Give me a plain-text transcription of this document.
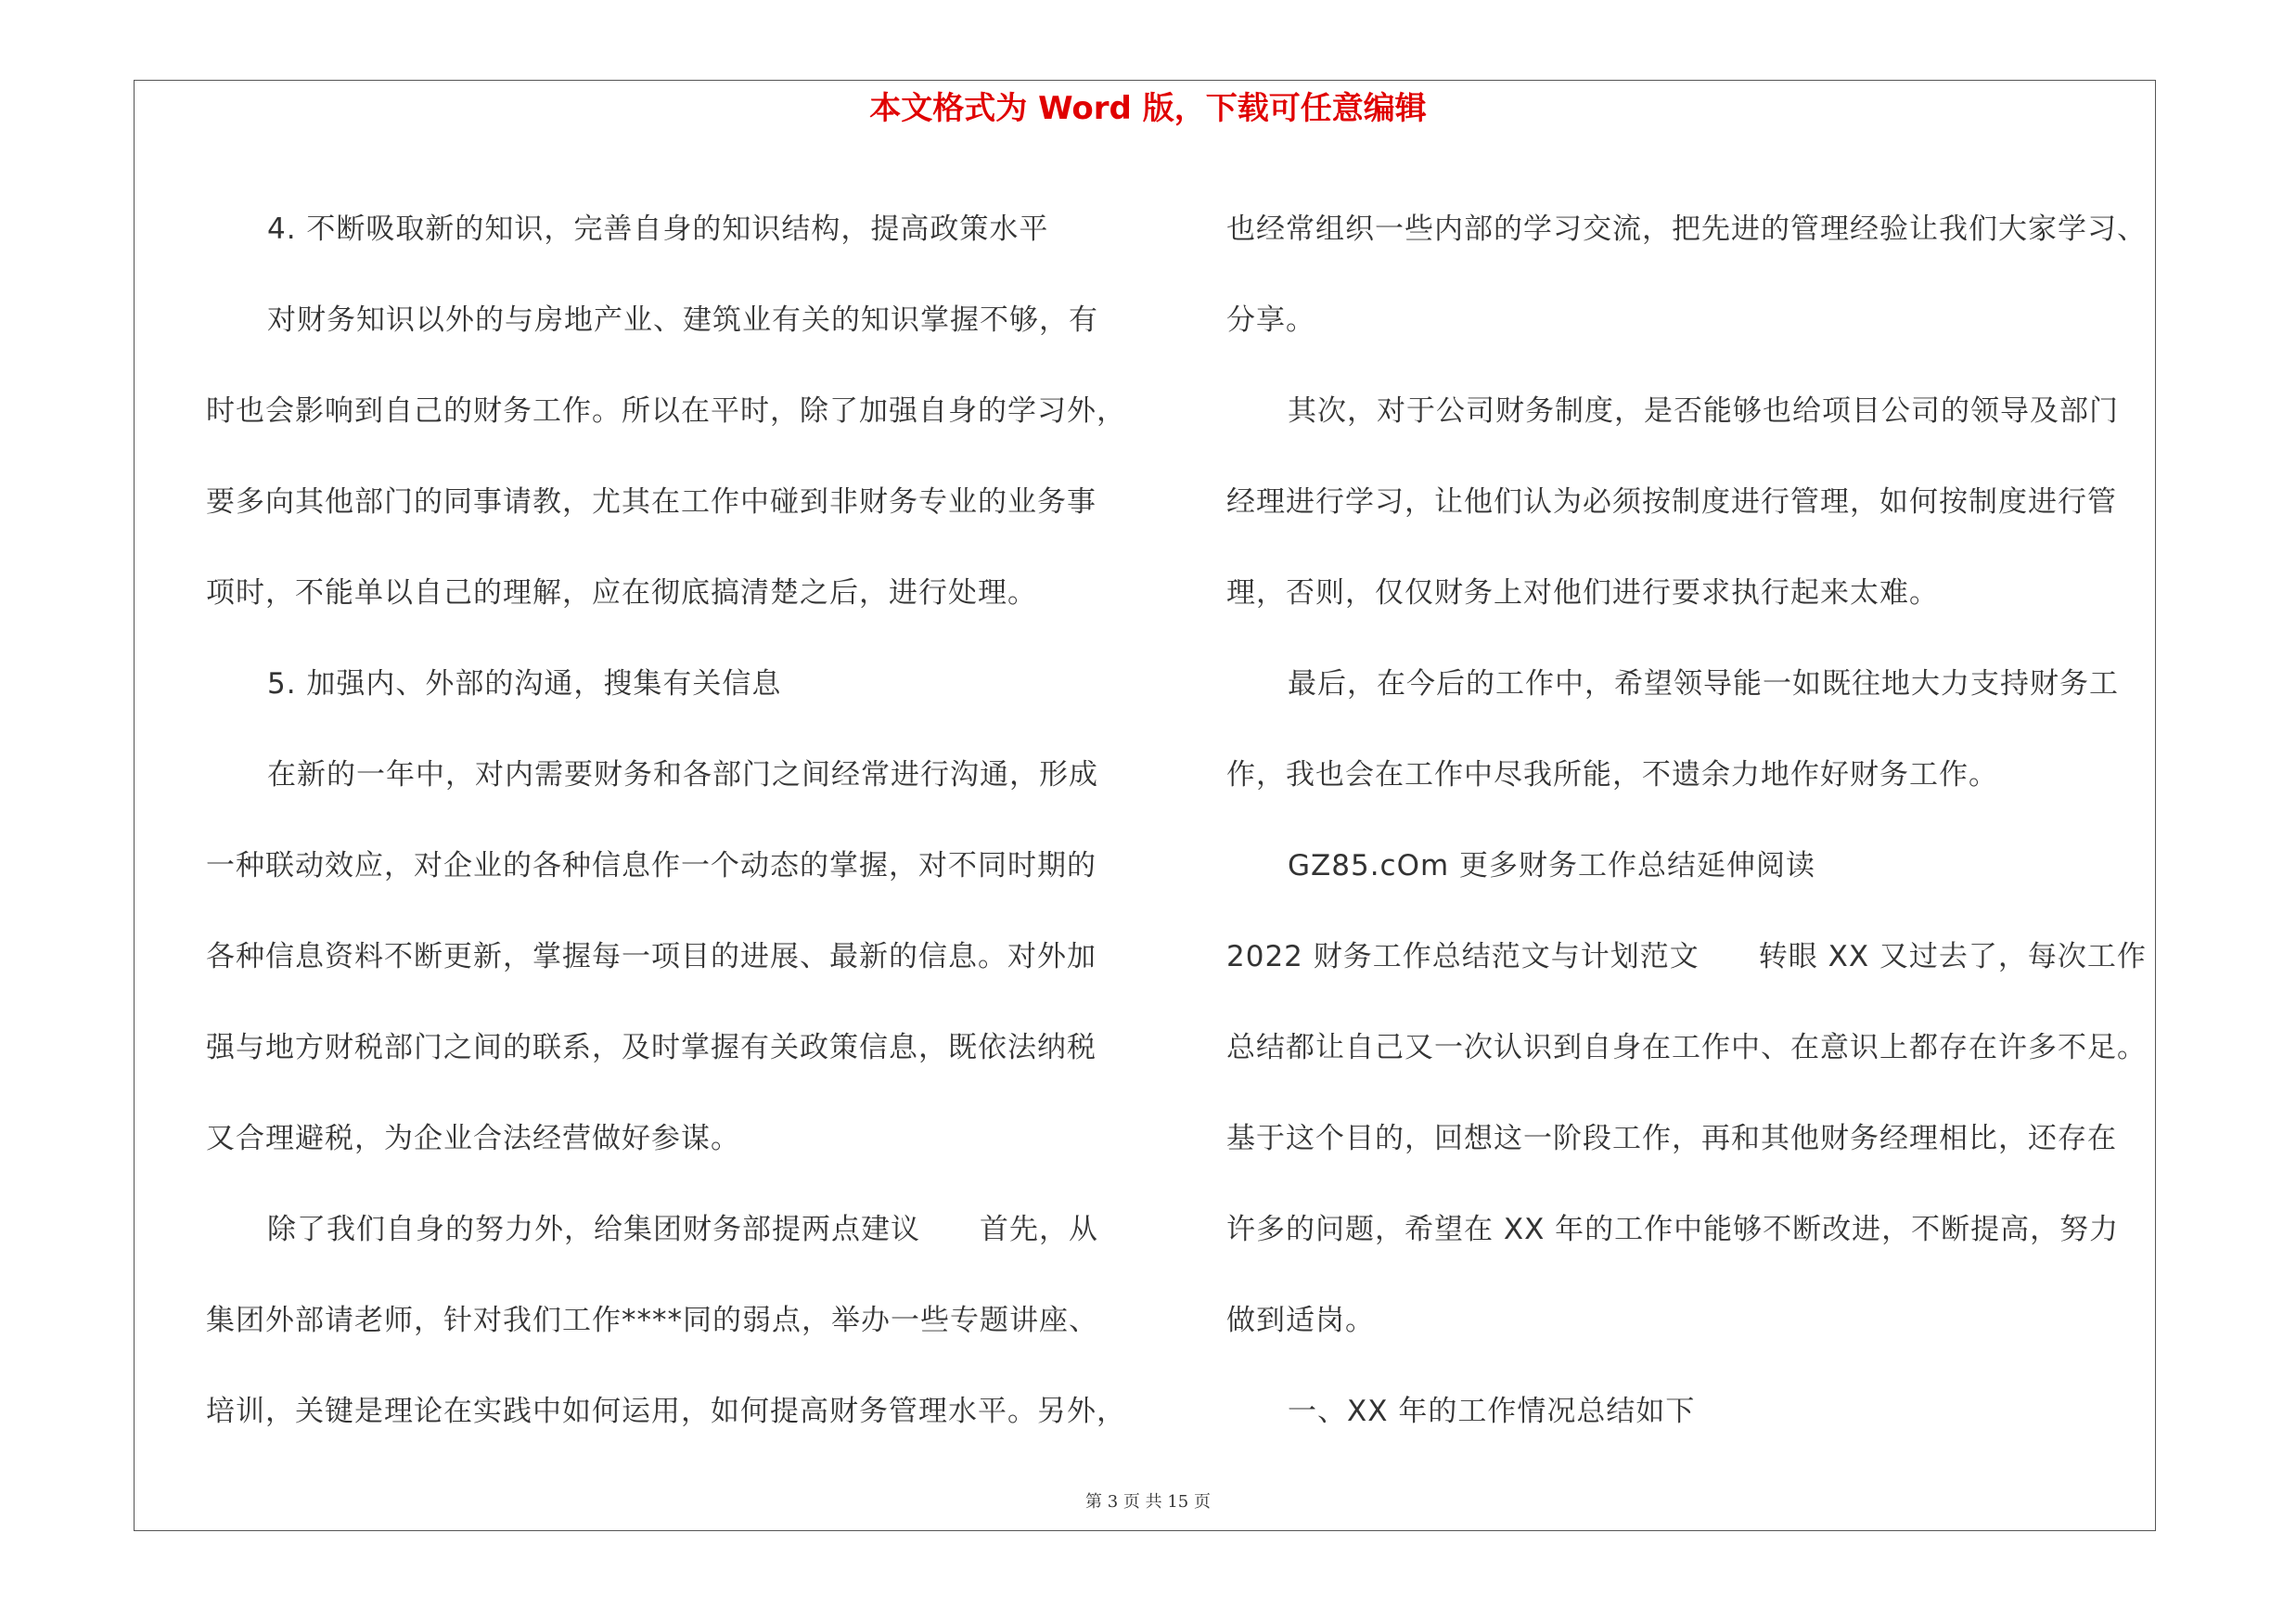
本文格式为 Word 版，下载可任意编辑
4. 不断吸取新的知识，完善自身的知识结构，提高政策水平
对财务知识以外的与房地产业、建筑业有关的知识掌握不够，有
时也会影响到自己的财务工作。所以在平时，除了加强自身的学习外，
要多向其他部门的同事请教，尤其在工作中碰到非财务专业的业务事
项时，不能单以自己的理解，应在彻底搞清楚之后，进行处理。
5. 加强内、外部的沟通，搜集有关信息
在新的一年中，对内需要财务和各部门之间经常进行沟通，形成
一种联动效应，对企业的各种信息作一个动态的掌握，对不同时期的
各种信息资料不断更新，掌握每一项目的进展、最新的信息。对外加
强与地方财税部门之间的联系，及时掌握有关政策信息，既依法纳税
又合理避税，为企业合法经营做好参谋。
除了我们自身的努力外，给集团财务部提两点建议　　首先，从
集团外部请老师，针对我们工作****同的弱点，举办一些专题讲座、
培训，关键是理论在实践中如何运用，如何提高财务管理水平。另外，
也经常组织一些内部的学习交流，把先进的管理经验让我们大家学习、
分享。
其次，对于公司财务制度，是否能够也给项目公司的领导及部门
经理进行学习，让他们认为必须按制度进行管理，如何按制度进行管
理，否则，仅仅财务上对他们进行要求执行起来太难。
最后，在今后的工作中，希望领导能一如既往地大力支持财务工
作，我也会在工作中尽我所能，不遗余力地作好财务工作。
GZ85.cOm 更多财务工作总结延伸阅读
2022 财务工作总结范文与计划范文　　转眼 XX 又过去了，每次工作
总结都让自己又一次认识到自身在工作中、在意识上都存在许多不足。
基于这个目的，回想这一阶段工作，再和其他财务经理相比，还存在
许多的问题，希望在 XX 年的工作中能够不断改进，不断提高，努力
做到适岗。
一、XX 年的工作情况总结如下
第 3 页 共 15 页
